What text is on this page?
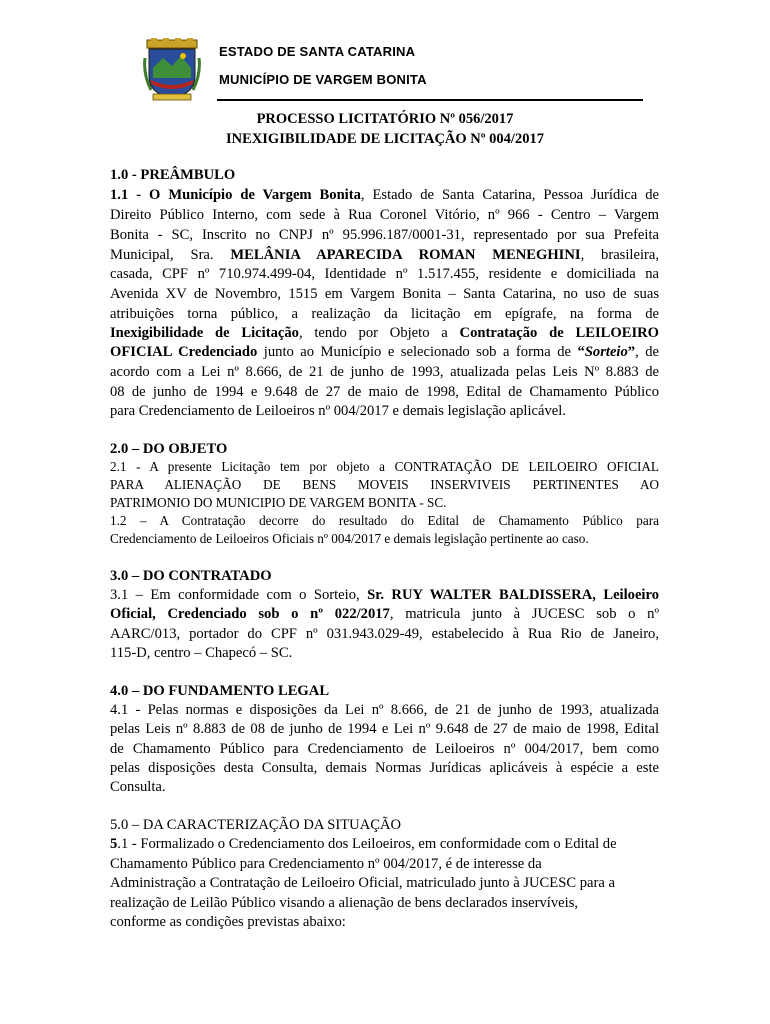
ESTADO DE SANTA CATARINA
MUNICÍPIO DE VARGEM BONITA
PROCESSO LICITATÓRIO Nº 056/2017
INEXIGIBILIDADE DE LICITAÇÃO Nº 004/2017
1.0 - PREÂMBULO
1.1 - O Município de Vargem Bonita, Estado de Santa Catarina, Pessoa Jurídica de
Direito Público Interno, com sede à Rua Coronel Vitório, nº 966 - Centro – Vargem
Bonita - SC, Inscrito no CNPJ nº 95.996.187/0001-31, representado por sua Prefeita
Municipal, Sra. MELÂNIA APARECIDA ROMAN MENEGHINI, brasileira,
casada, CPF nº 710.974.499-04, Identidade nº 1.517.455, residente e domiciliada na
Avenida XV de Novembro, 1515 em Vargem Bonita – Santa Catarina, no uso de suas
atribuições torna público, a realização da licitação em epígrafe, na forma de
Inexigibilidade de Licitação, tendo por Objeto a Contratação de LEILOEIRO
OFICIAL Credenciado junto ao Município e selecionado sob a forma de “Sorteio”, de
acordo com a Lei nº 8.666, de 21 de junho de 1993, atualizada pelas Leis Nº 8.883 de
08 de junho de 1994 e 9.648 de 27 de maio de 1998, Edital de Chamamento Público
para Credenciamento de Leiloeiros nº 004/2017 e demais legislação aplicável.
2.0 – DO OBJETO
2.1 - A presente Licitação tem por objeto a CONTRATAÇÃO DE LEILOEIRO OFICIAL
PARA ALIENAÇÃO DE BENS MOVEIS INSERVIVEIS PERTINENTES AO
PATRIMONIO DO MUNICIPIO DE VARGEM BONITA - SC.
1.2 – A Contratação decorre do resultado do Edital de Chamamento Público para
Credenciamento de Leiloeiros Oficiais nº 004/2017 e demais legislação pertinente ao caso.
3.0 – DO CONTRATADO
3.1 – Em conformidade com o Sorteio, Sr. RUY WALTER BALDISSERA, Leiloeiro
Oficial, Credenciado sob o nº 022/2017, matricula junto à JUCESC sob o nº
AARC/013, portador do CPF nº 031.943.029-49, estabelecido à Rua Rio de Janeiro,
115-D, centro – Chapecó – SC.
4.0 – DO FUNDAMENTO LEGAL
4.1 - Pelas normas e disposições da Lei nº 8.666, de 21 de junho de 1993, atualizada
pelas Leis nº 8.883 de 08 de junho de 1994 e Lei nº 9.648 de 27 de maio de 1998, Edital
de Chamamento Público para Credenciamento de Leiloeiros nº 004/2017, bem como
pelas disposições desta Consulta, demais Normas Jurídicas aplicáveis à espécie a este
Consulta.
5.0 – DA CARACTERIZAÇÃO DA SITUAÇÃO
5.1 - Formalizado o Credenciamento dos Leiloeiros, em conformidade com o Edital de
Chamamento Público para Credenciamento nº 004/2017, é de interesse da
Administração a Contratação de Leiloeiro Oficial, matriculado junto à JUCESC para a
realização de Leilão Público visando a alienação de bens declarados inservíveis,
conforme as condições previstas abaixo:
